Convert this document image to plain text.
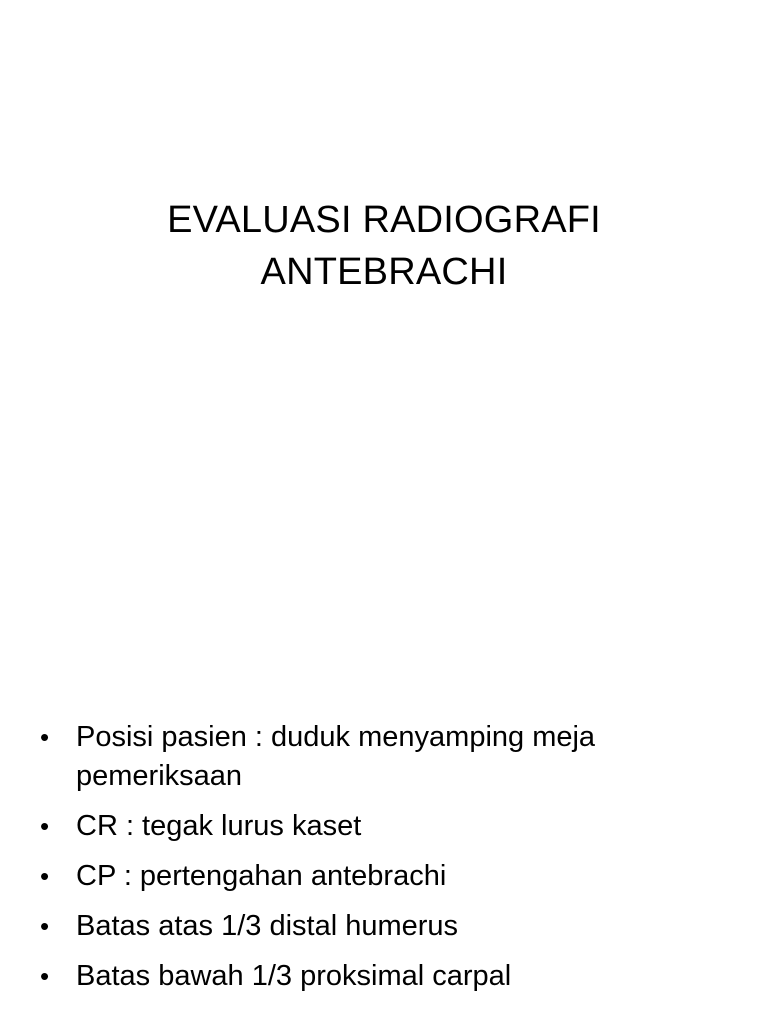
EVALUASI RADIOGRAFI
ANTEBRACHI
• Posisi pasien : duduk menyamping meja pemeriksaan
• CR : tegak lurus kaset
• CP : pertengahan antebrachi
• Batas atas 1/3 distal humerus
• Batas bawah 1/3 proksimal carpal
